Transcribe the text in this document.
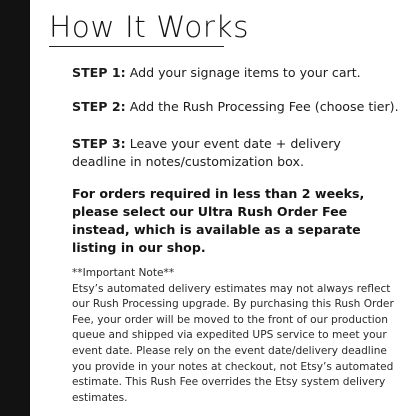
How It Works

STEP 1: Add your signage items to your cart.

STEP 2: Add the Rush Processing Fee (choose tier).

STEP 3: Leave your event date + delivery deadline in notes/customization box.

For orders required in less than 2 weeks, please select our Ultra Rush Order Fee instead, which is available as a separate listing in our shop.

**Important Note**
Etsy’s automated delivery estimates may not always reflect our Rush Processing upgrade. By purchasing this Rush Order Fee, your order will be moved to the front of our production queue and shipped via expedited UPS service to meet your event date. Please rely on the event date/delivery deadline you provide in your notes at checkout, not Etsy’s automated estimate. This Rush Fee overrides the Etsy system delivery estimates.
